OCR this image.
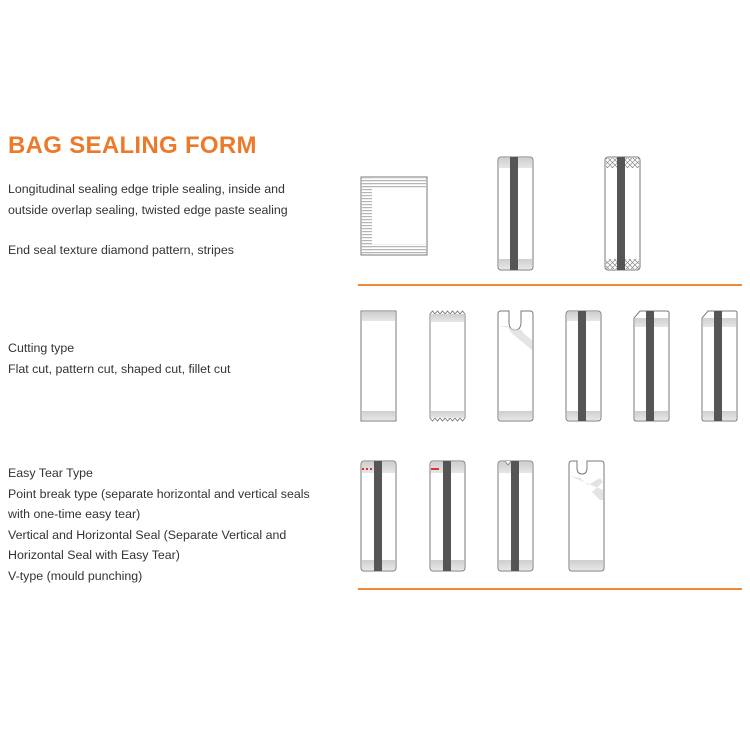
BAG SEALING FORM

Longitudinal sealing edge triple sealing, inside and

outside overlap sealing, twisted edge paste sealing

End seal texture diamond pattern, stripes

Cutting type

Flat cut, pattern cut, shaped cut, fillet cut

Easy Tear Type

Point break type (separate horizontal and vertical seals

with one-time easy tear)

Vertical and Horizontal Seal (Separate Vertical and

Horizontal Seal with Easy Tear)

V-type (mould punching)
